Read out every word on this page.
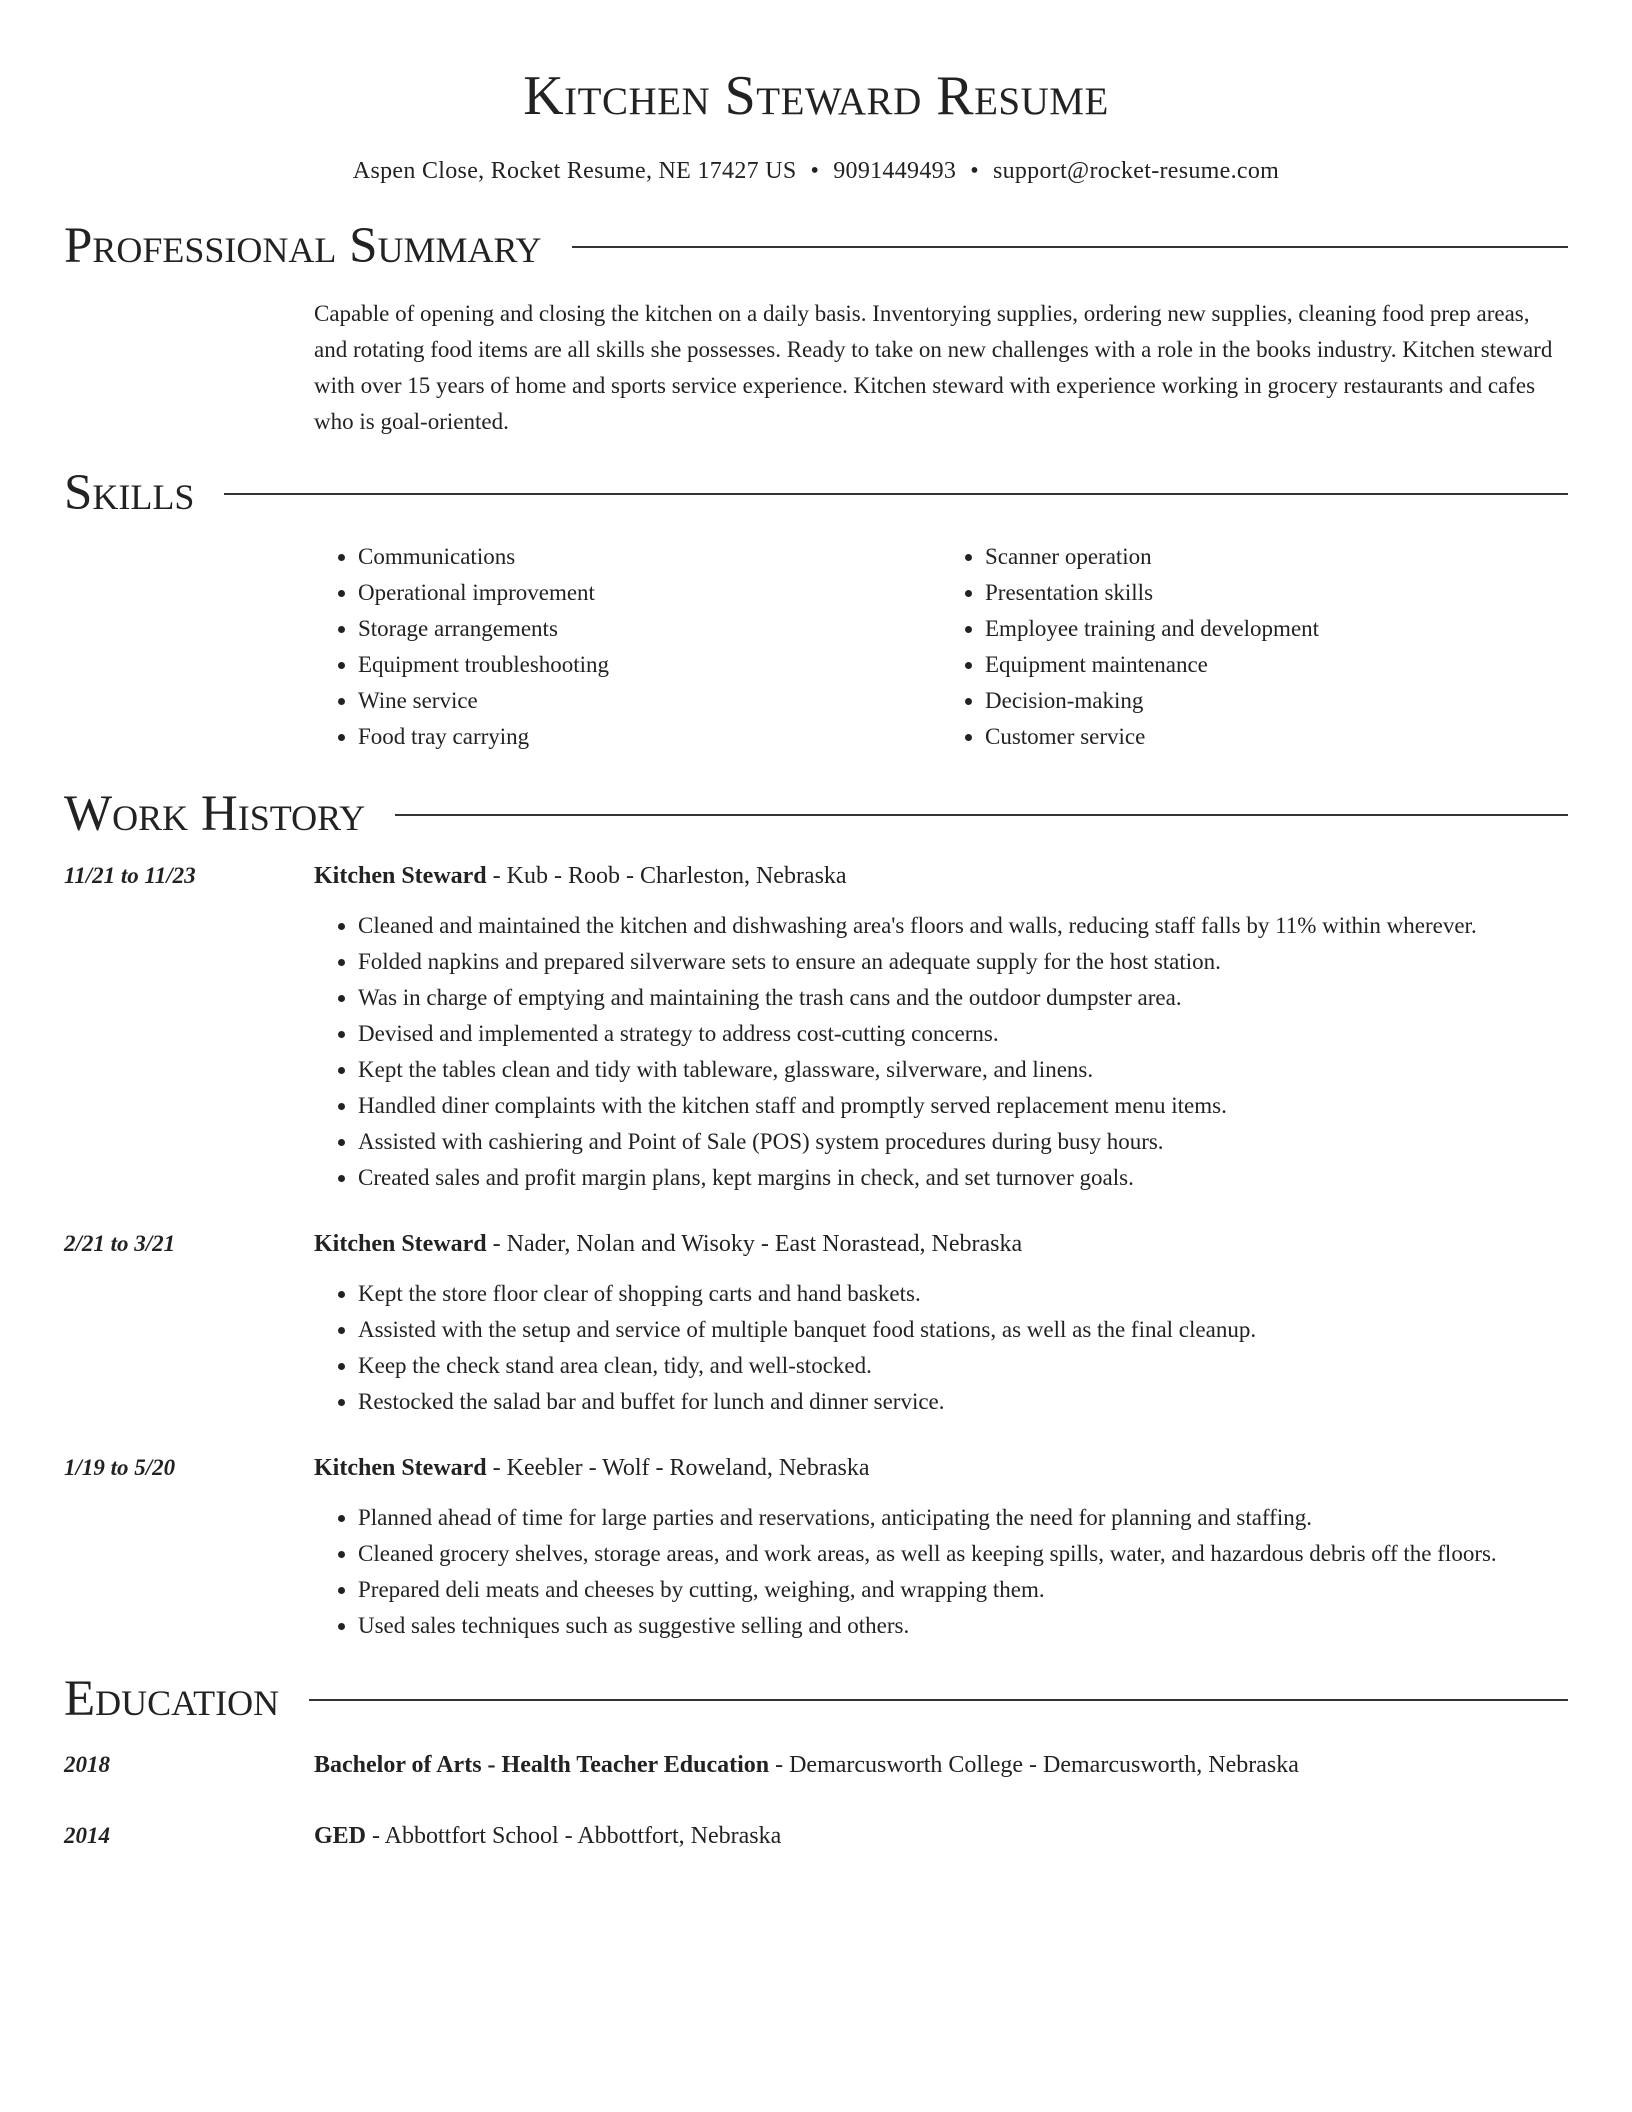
Kitchen Steward Resume
Aspen Close, Rocket Resume, NE 17427 US • 9091449493 • support@rocket-resume.com
Professional Summary
Capable of opening and closing the kitchen on a daily basis. Inventorying supplies, ordering new supplies, cleaning food prep areas, and rotating food items are all skills she possesses. Ready to take on new challenges with a role in the books industry. Kitchen steward with over 15 years of home and sports service experience. Kitchen steward with experience working in grocery restaurants and cafes who is goal-oriented.
Skills
• Communications
• Operational improvement
• Storage arrangements
• Equipment troubleshooting
• Wine service
• Food tray carrying
• Scanner operation
• Presentation skills
• Employee training and development
• Equipment maintenance
• Decision-making
• Customer service
Work History
11/21 to 11/23	Kitchen Steward - Kub - Roob - Charleston, Nebraska
• Cleaned and maintained the kitchen and dishwashing area's floors and walls, reducing staff falls by 11% within wherever.
• Folded napkins and prepared silverware sets to ensure an adequate supply for the host station.
• Was in charge of emptying and maintaining the trash cans and the outdoor dumpster area.
• Devised and implemented a strategy to address cost-cutting concerns.
• Kept the tables clean and tidy with tableware, glassware, silverware, and linens.
• Handled diner complaints with the kitchen staff and promptly served replacement menu items.
• Assisted with cashiering and Point of Sale (POS) system procedures during busy hours.
• Created sales and profit margin plans, kept margins in check, and set turnover goals.
2/21 to 3/21	Kitchen Steward - Nader, Nolan and Wisoky - East Norastead, Nebraska
• Kept the store floor clear of shopping carts and hand baskets.
• Assisted with the setup and service of multiple banquet food stations, as well as the final cleanup.
• Keep the check stand area clean, tidy, and well-stocked.
• Restocked the salad bar and buffet for lunch and dinner service.
1/19 to 5/20	Kitchen Steward - Keebler - Wolf - Roweland, Nebraska
• Planned ahead of time for large parties and reservations, anticipating the need for planning and staffing.
• Cleaned grocery shelves, storage areas, and work areas, as well as keeping spills, water, and hazardous debris off the floors.
• Prepared deli meats and cheeses by cutting, weighing, and wrapping them.
• Used sales techniques such as suggestive selling and others.
Education
2018	Bachelor of Arts - Health Teacher Education - Demarcusworth College - Demarcusworth, Nebraska
2014	GED - Abbottfort School - Abbottfort, Nebraska
